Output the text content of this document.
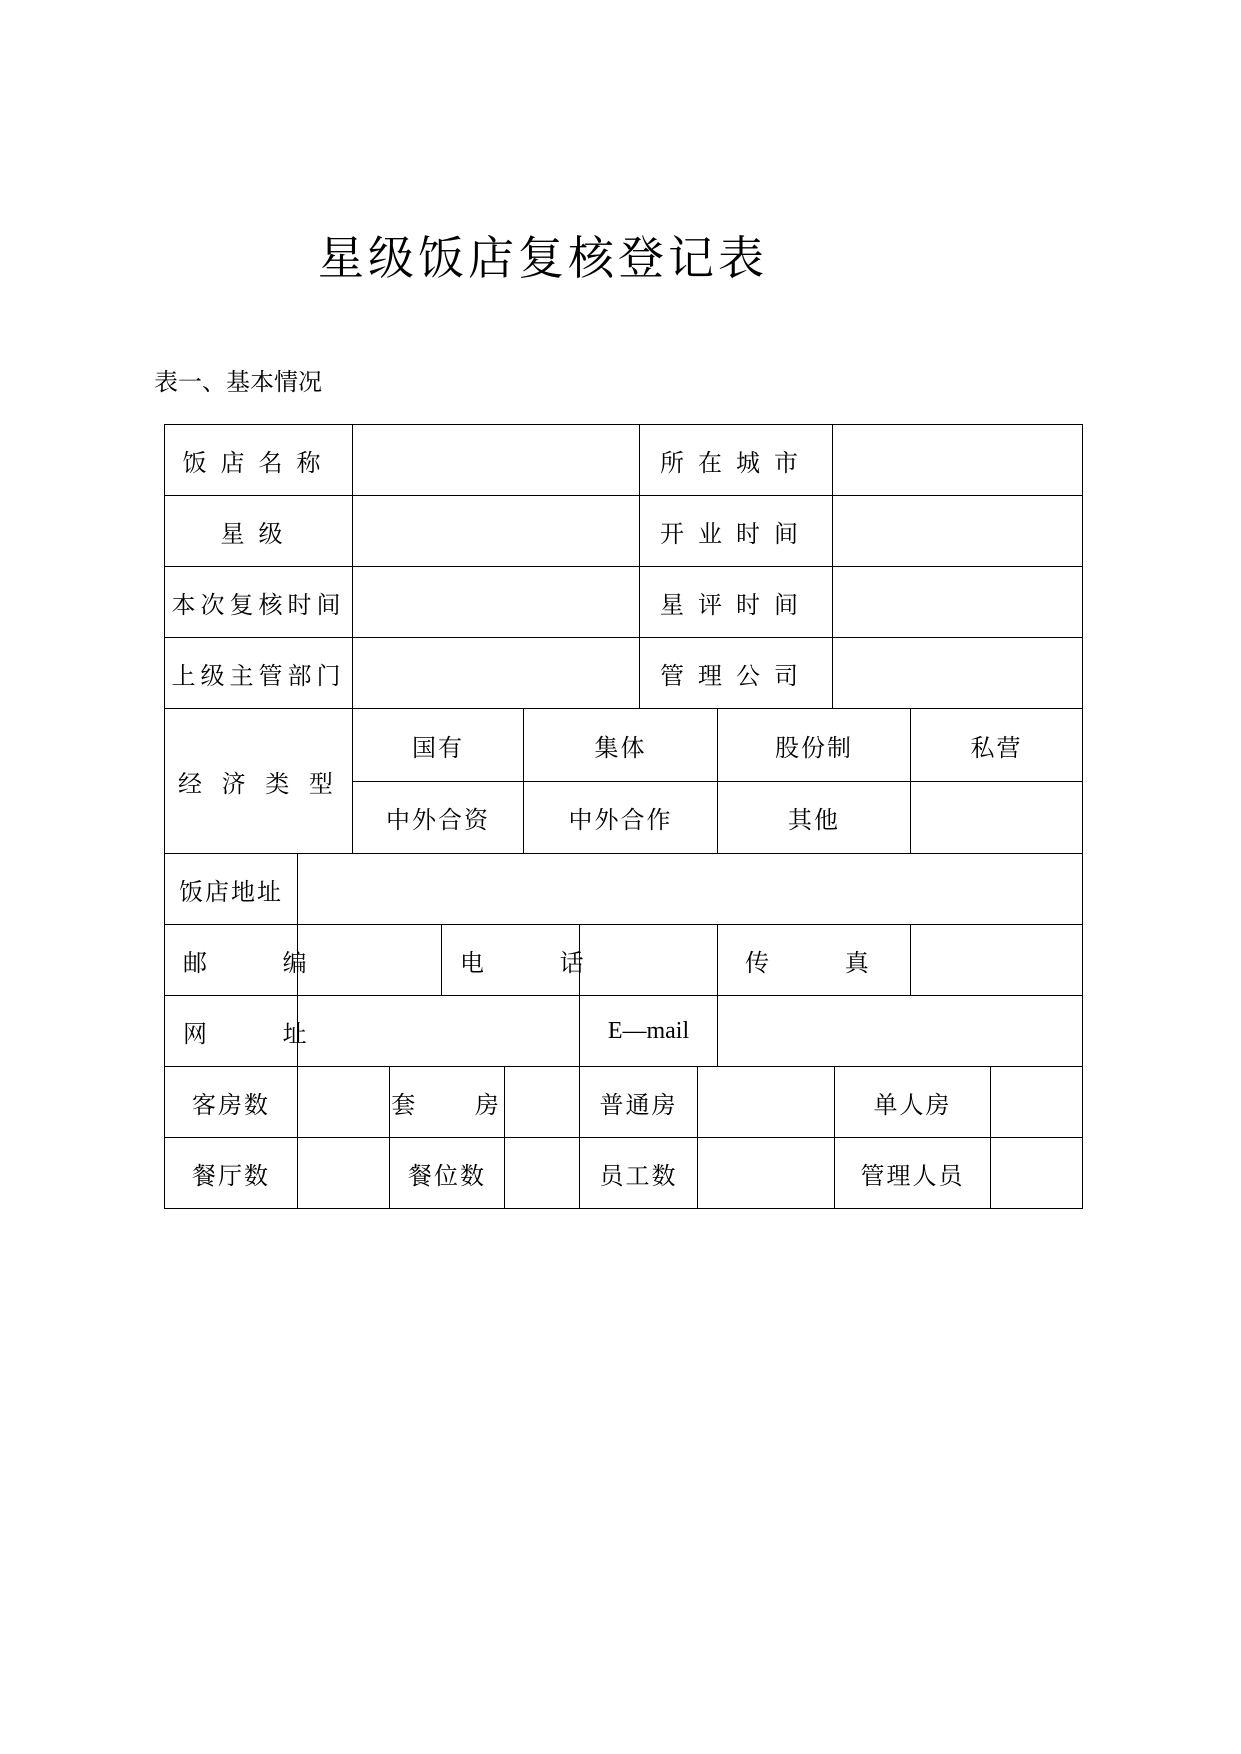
星级饭店复核登记表
表一、基本情况
饭店名称	所在城市
星级	开业时间
本次复核时间	星评时间
上级主管部门	管理公司
经 济 类 型
国有	集体	股份制	私营
中外合资	中外合作	其他
饭店地址
邮 编	电 话	传 真
网 址	E—mail
客房数	套 房	普通房	单人房
餐厅数	餐位数	员工数	管理人员
